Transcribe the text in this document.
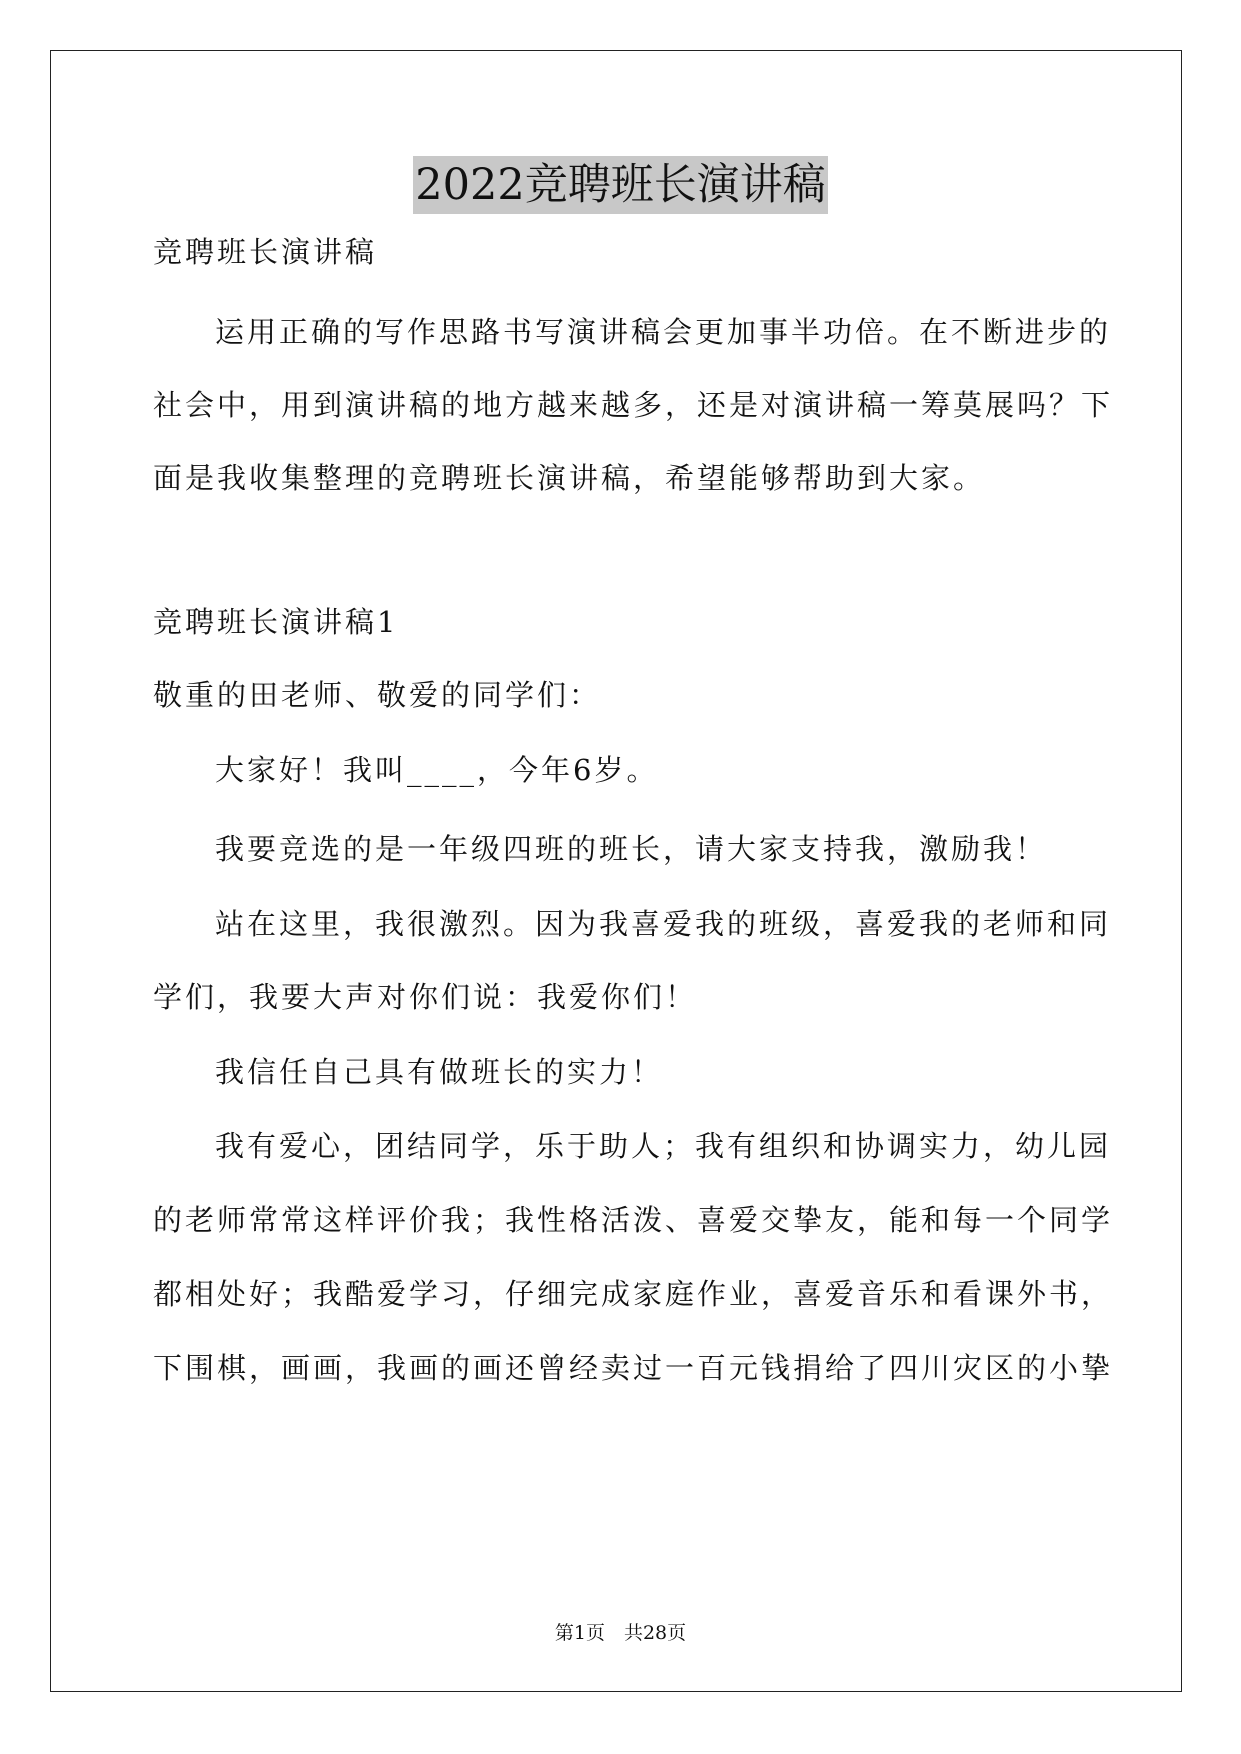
2022竞聘班长演讲稿
竞聘班长演讲稿
运用正确的写作思路书写演讲稿会更加事半功倍。在不断进步的
社会中，用到演讲稿的地方越来越多，还是对演讲稿一筹莫展吗？下
面是我收集整理的竞聘班长演讲稿，希望能够帮助到大家。
竞聘班长演讲稿1
敬重的田老师、敬爱的同学们：
大家好！我叫____，今年6岁。
我要竞选的是一年级四班的班长，请大家支持我，激励我！
站在这里，我很激烈。因为我喜爱我的班级，喜爱我的老师和同
学们，我要大声对你们说：我爱你们！
我信任自己具有做班长的实力！
我有爱心，团结同学，乐于助人；我有组织和协调实力，幼儿园
的老师常常这样评价我；我性格活泼、喜爱交挚友，能和每一个同学
都相处好；我酷爱学习，仔细完成家庭作业，喜爱音乐和看课外书，
下围棋，画画，我画的画还曾经卖过一百元钱捐给了四川灾区的小挚
第1页　共28页
